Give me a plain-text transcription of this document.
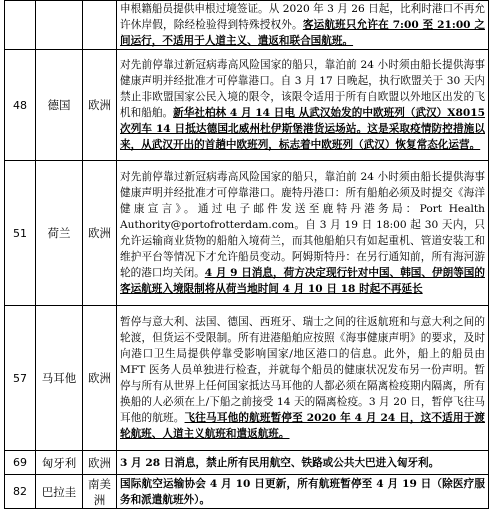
			申根籍船员提供申根过境签证。从 2020 年 3 月 26 日起，比利时港口不再允许休岸假，除经检验得到特殊授权外。客运航班只允许在 7:00 至 21:00 之间运行，不适用于人道主义、遣返和联合国航班。
48	德国	欧洲	对先前停靠过新冠病毒高风险国家的船只，靠泊前 24 小时须由船长提供海事健康声明并经批准才可停靠港口。自 3 月 17 日晚起，执行欧盟关于 30 天内禁止非欧盟国家公民入境的限令，该限令适用于所有自欧盟以外地区出发的飞机和船舶。新华社柏林 4 月 14 日电 从武汉始发的中欧班列（武汉）X8015 次列车 14 日抵达德国北威州杜伊斯堡港货运场站。这是采取疫情防控措施以来，从武汉开出的首趟中欧班列，标志着中欧班列（武汉）恢复常态化运营。
51	荷兰	欧洲	对先前停靠过新冠病毒高风险国家的船只，靠泊前 24 小时须由船长提供海事健康声明并经批准才可停靠港口。鹿特丹港口：所有船舶必须及时提交《海洋健康宣言》。通过电子邮件发送至鹿特丹港务局：Port Health Authority@portofrotterdam.com。自 3 月 19 日 18:00 起 30 天内，只允许运输商业货物的船舶入境荷兰，而其他船舶只有如起重机、管道安装工和维护平台等情况下才允许船员变动。阿姆斯特丹：在另行通知前，所有海河游轮的港口均关闭。4 月 9 日消息，荷方决定现行针对中国、韩国、伊朗等国的客运航班入境限制将从荷当地时间 4 月 10 日 18 时起不再延长
57	马耳他	欧洲	暂停与意大利、法国、德国、西班牙、瑞士之间的往返航班和与意大利之间的轮渡，但货运不受限制。所有进港船舶应按照《海事健康声明》的要求，及时向港口卫生局提供停靠受影响国家/地区港口的信息。此外，船上的船员由 MFT 医务人员单独进行检查，并就每个船员的健康状况发布另一份声明。暂停与所有从世界上任何国家抵达马耳他的人都必须在隔离检疫期内隔离，所有换船的人必须在上/下船之前接受 14 天的隔离检疫。3 月 20 日，暂停飞往马耳他的航班。飞往马耳他的航班暂停至 2020 年 4 月 24 日，这不适用于渡轮航班、人道主义航班和遣返航班。
69	匈牙利	欧洲	3 月 28 日消息，禁止所有民用航空、铁路或公共大巴进入匈牙利。
82	巴拉圭	南美洲	国际航空运输协会 4 月 10 日更新，所有航班暂停至 4 月 19 日（除医疗服务和派遣航班外）。
